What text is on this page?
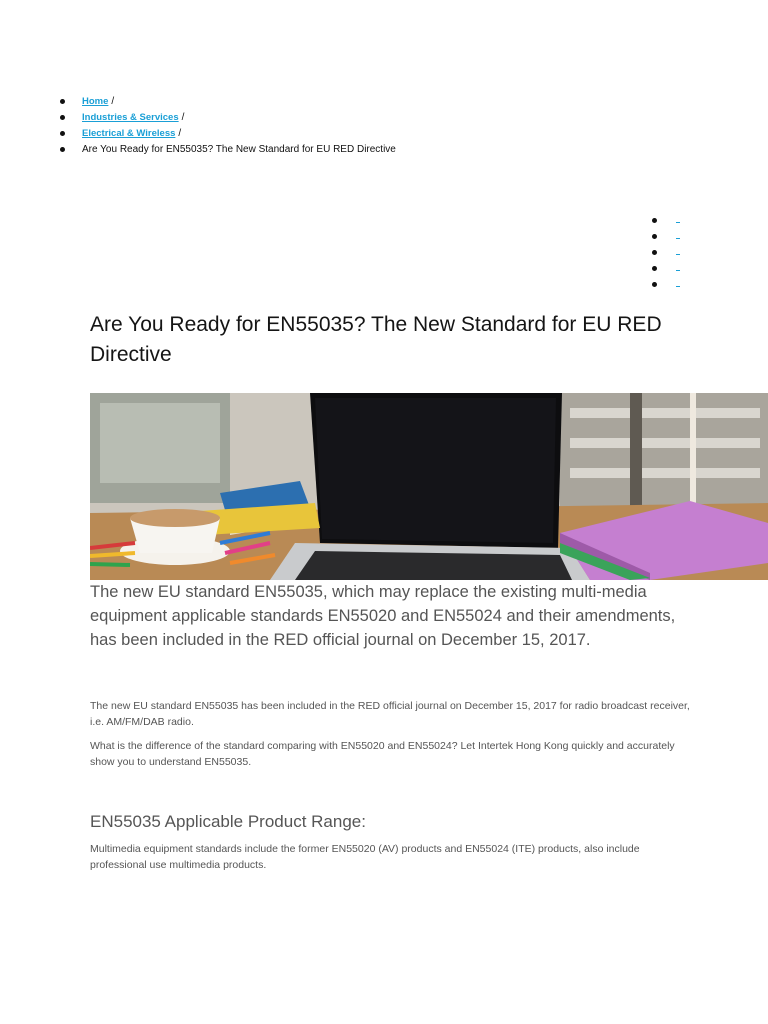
Home /
Industries & Services /
Electrical & Wireless /
Are You Ready for EN55035? The New Standard for EU RED Directive
Are You Ready for EN55035? The New Standard for EU RED Directive

The new EU standard EN55035, which may replace the existing multi-media equipment applicable standards EN55020 and EN55024 and their amendments, has been included in the RED official journal on December 15, 2017.

The new EU standard EN55035 has been included in the RED official journal on December 15, 2017 for radio broadcast receiver, i.e. AM/FM/DAB radio.

What is the difference of the standard comparing with EN55020 and EN55024? Let Intertek Hong Kong quickly and accurately show you to understand EN55035.

EN55035 Applicable Product Range:

Multimedia equipment standards include the former EN55020 (AV) products and EN55024 (ITE) products, also include professional use multimedia products.
